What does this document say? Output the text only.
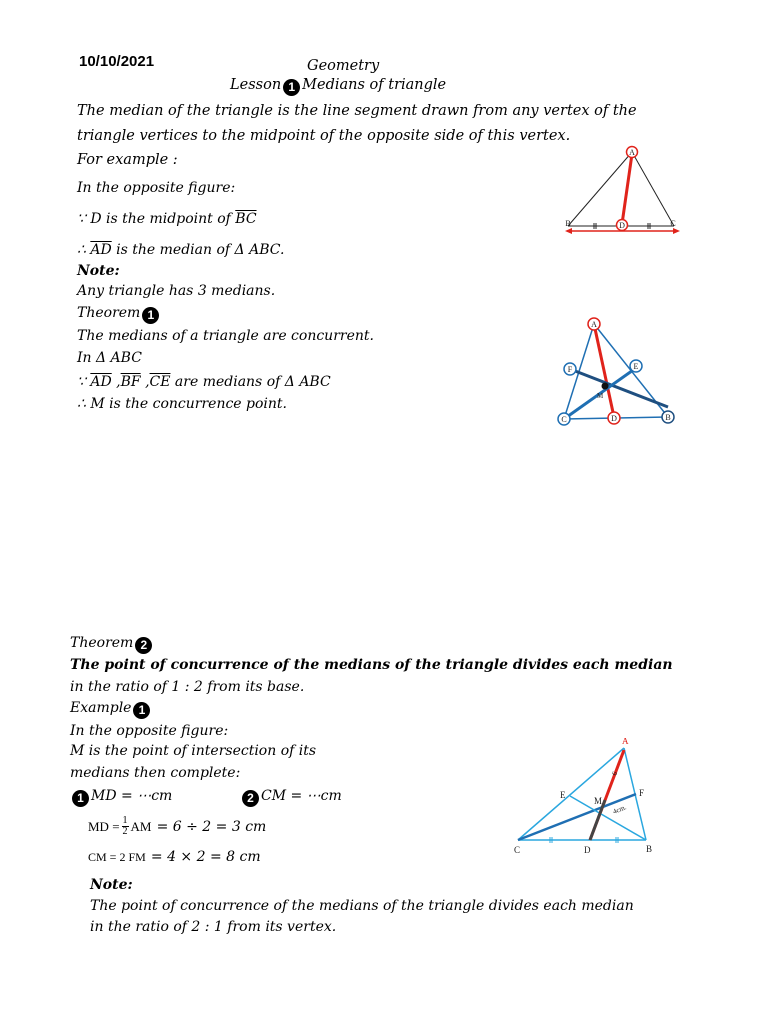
10/10/2021	Geometry
Lesson 1 Medians of triangle
The median of the triangle is the line segment drawn from any vertex of the
triangle vertices to the midpoint of the opposite side of this vertex.
For example :
In the opposite figure:
∵ D is the midpoint of $\overline{BC}$
∴ $\overline{AD}$ is the median of Δ ABC.
Note:
Any triangle has 3 medians.
Theorem 1
The medians of a triangle are concurrent.
In Δ ABC
∵ $\overline{AD}$ $,\overline{BF}$ $,\overline{CE}$ are medians of Δ ABC
∴ M is the concurrence point.
Theorem 2
The point of concurrence of the medians of the triangle divides each median
in the ratio of 1 : 2 from its base.
Example 1
In the opposite figure:
M is the point of intersection of its
medians then complete:
1 MD = ⋯cm	2 CM = ⋯cm
MD = $\frac{1}{2}$ AM = 6 ÷ 2 = 3 cm
CM = 2 FM = 4 × 2 = 8 cm
Note:
The point of concurrence of the medians of the triangle divides each median
in the ratio of 2 : 1 from its vertex.
A
B	C
D
M
A
F	E
C	D	B
A
E	F
M
C	D	B
4cm.
6
